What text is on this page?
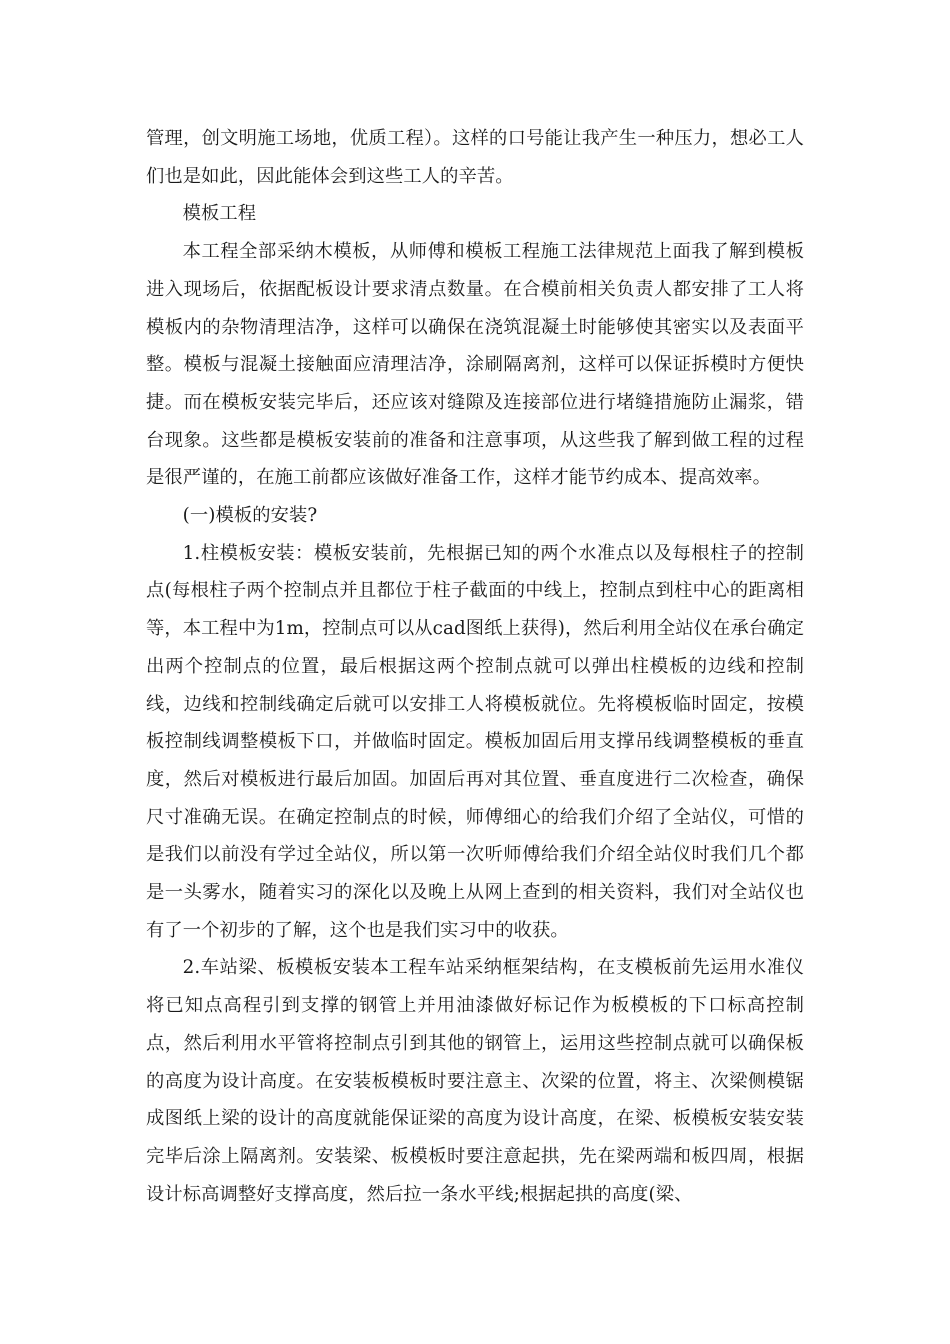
管理，创文明施工场地，优质工程）。这样的口号能让我产生一种压力，想必工人们也是如此，因此能体会到这些工人的辛苦。

模板工程

本工程全部采纳木模板，从师傅和模板工程施工法律规范上面我了解到模板进入现场后，依据配板设计要求清点数量。在合模前相关负责人都安排了工人将模板内的杂物清理洁净，这样可以确保在浇筑混凝土时能够使其密实以及表面平整。模板与混凝土接触面应清理洁净，涂刷隔离剂，这样可以保证拆模时方便快捷。而在模板安装完毕后，还应该对缝隙及连接部位进行堵缝措施防止漏浆，错台现象。这些都是模板安装前的准备和注意事项，从这些我了解到做工程的过程是很严谨的，在施工前都应该做好准备工作，这样才能节约成本、提高效率。

(一)模板的安装?

1.柱模板安装：模板安装前，先根据已知的两个水准点以及每根柱子的控制点(每根柱子两个控制点并且都位于柱子截面的中线上，控制点到柱中心的距离相等，本工程中为1m，控制点可以从cad图纸上获得)，然后利用全站仪在承台确定出两个控制点的位置，最后根据这两个控制点就可以弹出柱模板的边线和控制线，边线和控制线确定后就可以安排工人将模板就位。先将模板临时固定，按模板控制线调整模板下口，并做临时固定。模板加固后用支撑吊线调整模板的垂直度，然后对模板进行最后加固。加固后再对其位置、垂直度进行二次检查，确保尺寸准确无误。在确定控制点的时候，师傅细心的给我们介绍了全站仪，可惜的是我们以前没有学过全站仪，所以第一次听师傅给我们介绍全站仪时我们几个都是一头雾水，随着实习的深化以及晚上从网上查到的相关资料，我们对全站仪也有了一个初步的了解，这个也是我们实习中的收获。

2.车站梁、板模板安装本工程车站采纳框架结构，在支模板前先运用水准仪将已知点高程引到支撑的钢管上并用油漆做好标记作为板模板的下口标高控制点，然后利用水平管将控制点引到其他的钢管上，运用这些控制点就可以确保板的高度为设计高度。在安装板模板时要注意主、次梁的位置，将主、次梁侧模锯成图纸上梁的设计的高度就能保证梁的高度为设计高度，在梁、板模板安装安装完毕后涂上隔离剂。安装梁、板模板时要注意起拱，先在梁两端和板四周，根据设计标高调整好支撑高度，然后拉一条水平线;根据起拱的高度(梁、
